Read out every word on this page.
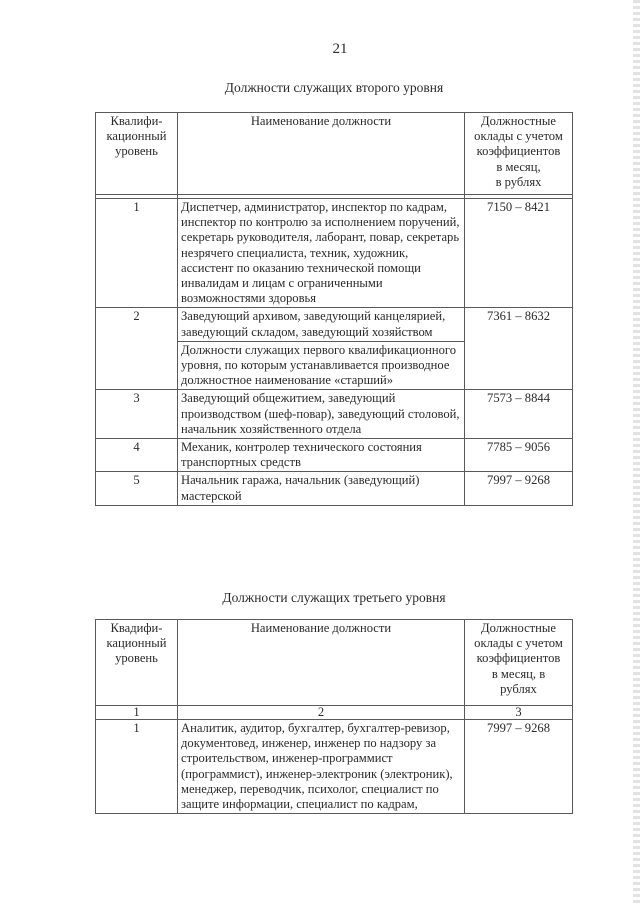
21
Должности служащих второго уровня
Квалифи-
кационный
уровень	Наименование должности	Должностные
оклады с учетом
коэффициентов
в месяц,
в рублях

1	Диспетчер, администратор, инспектор по кадрам, инспектор по контролю за исполнением поручений, секретарь руководителя, лаборант, повар, секретарь незрячего специалиста, техник, художник, ассистент по оказанию технической помощи инвалидам и лицам с ограниченными возможностями здоровья	7150 – 8421
2	Заведующий архивом, заведующий канцелярией, заведующий складом, заведующий хозяйством	7361 – 8632
	Должности служащих первого квалификационного уровня, по которым устанавливается производное должностное наименование «старший»	
3	Заведующий общежитием, заведующий производством (шеф-повар), заведующий столовой, начальник хозяйственного отдела	7573 – 8844
4	Механик, контролер технического состояния транспортных средств	7785 – 9056
5	Начальник гаража, начальник (заведующий) мастерской	7997 – 9268
Должности служащих третьего уровня
Квадифи-
кационный
уровень	Наименование должности	Должностные
оклады с учетом
коэффициентов
в месяц, в
рублях
1	2	3
1	Аналитик, аудитор, бухгалтер, бухгалтер-ревизор, документовед, инженер, инженер по надзору за строительством, инженер-программист (программист), инженер-электроник (электроник), менеджер, переводчик, психолог, специалист по защите информации, специалист по кадрам,	7997 – 9268
